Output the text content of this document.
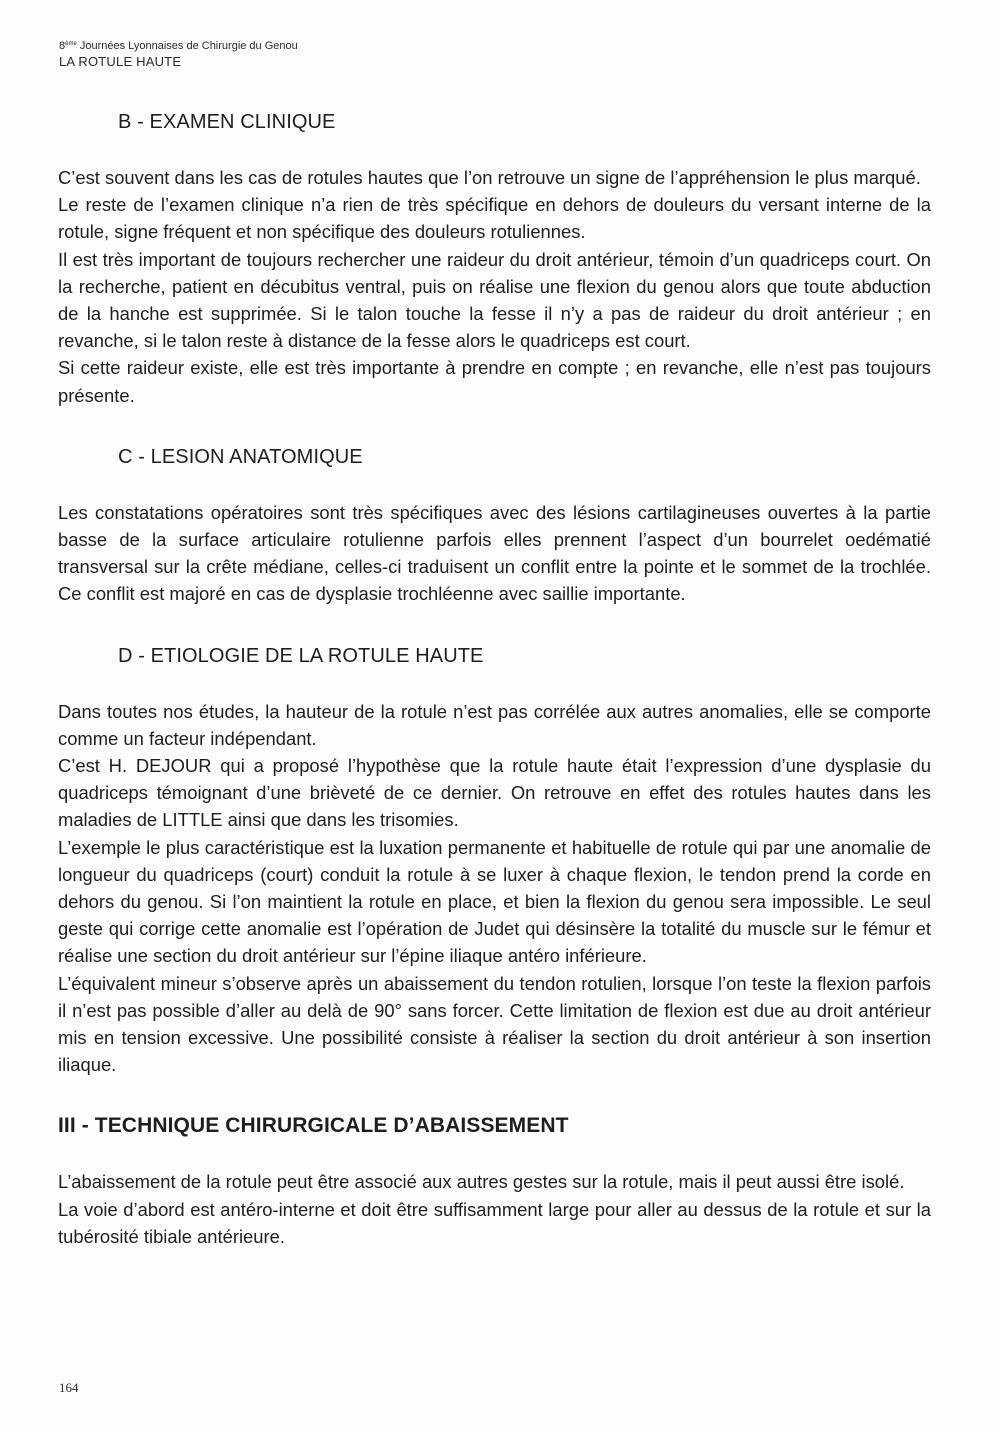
8ème Journées Lyonnaises de Chirurgie du Genou
LA ROTULE HAUTE
B - EXAMEN CLINIQUE

C’est souvent dans les cas de rotules hautes que l’on retrouve un signe de l’appréhension le plus marqué.

Le reste de l’examen clinique n’a rien de très spécifique en dehors de douleurs du versant interne de la rotule, signe fréquent et non spécifique des douleurs rotuliennes.

Il est très important de toujours rechercher une raideur du droit antérieur, témoin d’un quadriceps court. On la recherche, patient en décubitus ventral, puis on réalise une flexion du genou alors que toute abduction de la hanche est supprimée. Si le talon touche la fesse il n’y a pas de raideur du droit antérieur ; en revanche, si le talon reste à distance de la fesse alors le quadriceps est court.

Si cette raideur existe, elle est très importante à prendre en compte ; en revanche, elle n’est pas toujours présente.

C - LESION ANATOMIQUE

Les constatations opératoires sont très spécifiques avec des lésions cartilagineuses ouvertes à la partie basse de la surface articulaire rotulienne parfois elles prennent l’aspect d’un bourrelet oedématié transversal sur la crête médiane, celles-ci traduisent un conflit entre la pointe et le sommet de la trochlée. Ce conflit est majoré en cas de dysplasie trochléenne avec saillie importante.

D - ETIOLOGIE DE LA ROTULE HAUTE

Dans toutes nos études, la hauteur de la rotule n’est pas corrélée aux autres anomalies, elle se comporte comme un facteur indépendant.

C’est H. DEJOUR qui a proposé l’hypothèse que la rotule haute était l’expression d’une dysplasie du quadriceps témoignant d’une brièveté de ce dernier. On retrouve en effet des rotules hautes dans les maladies de LITTLE ainsi que dans les trisomies.

L’exemple le plus caractéristique est la luxation permanente et habituelle de rotule qui par une anomalie de longueur du quadriceps (court) conduit la rotule à se luxer à chaque flexion, le tendon prend la corde en dehors du genou. Si l’on maintient la rotule en place, et bien la flexion du genou sera impossible. Le seul geste qui corrige cette anomalie est l’opération de Judet qui désinsère la totalité du muscle sur le fémur et réalise une section du droit antérieur sur l’épine iliaque antéro inférieure.

L’équivalent mineur s’observe après un abaissement du tendon rotulien, lorsque l’on teste la flexion parfois il n’est pas possible d’aller au delà de 90° sans forcer. Cette limitation de flexion est due au droit antérieur mis en tension excessive. Une possibilité consiste à réaliser la section du droit antérieur à son insertion iliaque.

III - TECHNIQUE CHIRURGICALE D’ABAISSEMENT

L’abaissement de la rotule peut être associé aux autres gestes sur la rotule, mais il peut aussi être isolé.

La voie d’abord est antéro-interne et doit être suffisamment large pour aller au dessus de la rotule et sur la tubérosité tibiale antérieure.

164
